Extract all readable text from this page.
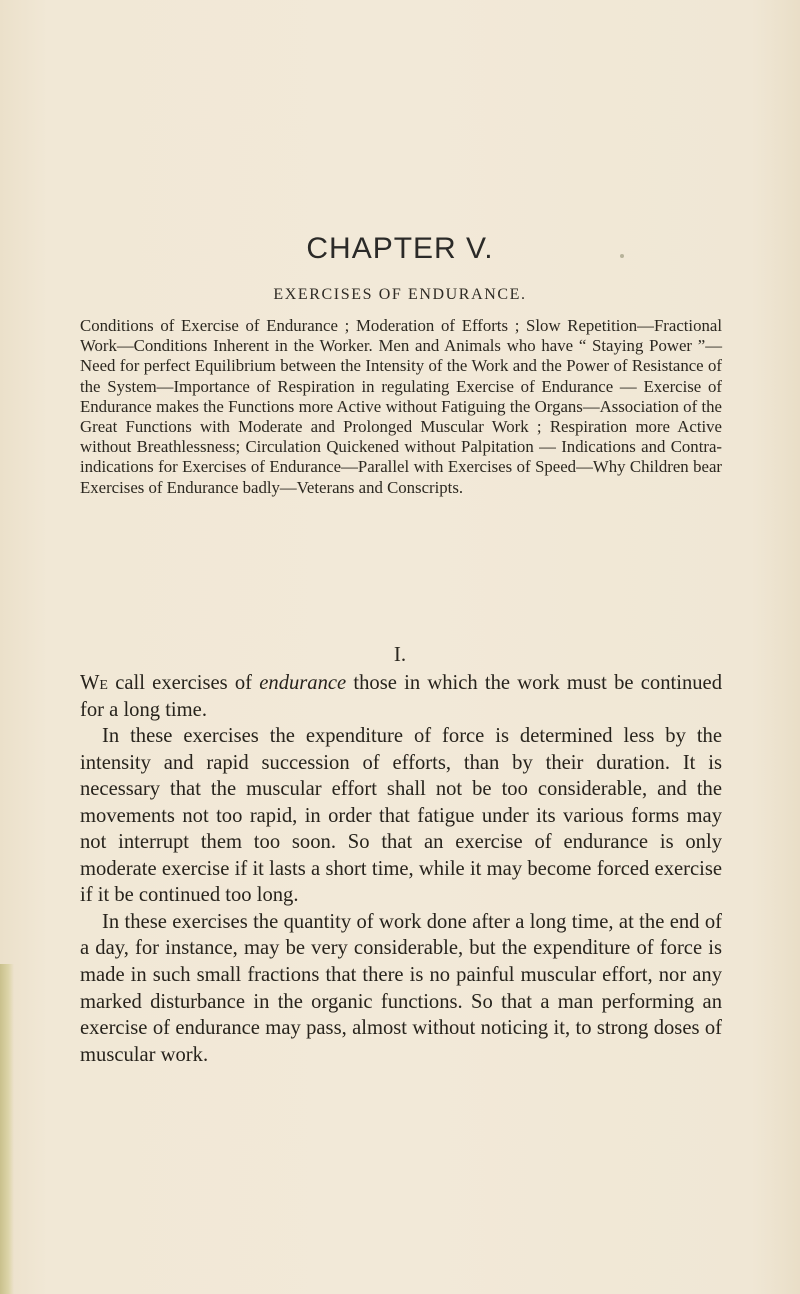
CHAPTER V.
EXERCISES OF ENDURANCE.
Conditions of Exercise of Endurance ; Moderation of Efforts ; Slow Repetition—Fractional Work—Conditions Inherent in the Worker. Men and Animals who have “ Staying Power ”—Need for perfect Equilibrium between the Intensity of the Work and the Power of Resistance of the System—Importance of Respiration in regulating Exercise of Endurance — Exercise of Endurance makes the Functions more Active without Fatiguing the Organs—Association of the Great Functions with Moderate and Prolonged Muscular Work ; Respiration more Active without Breathlessness; Circulation Quickened without Palpitation — Indications and Contra-indications for Exercises of Endurance—Parallel with Exercises of Speed—Why Children bear Exercises of Endurance badly—Veterans and Conscripts.
I.

We call exercises of endurance those in which the work must be continued for a long time.

In these exercises the expenditure of force is determined less by the intensity and rapid succession of efforts, than by their duration. It is necessary that the muscular effort shall not be too considerable, and the movements not too rapid, in order that fatigue under its various forms may not interrupt them too soon. So that an exercise of endurance is only moderate exercise if it lasts a short time, while it may become forced exercise if it be continued too long.

In these exercises the quantity of work done after a long time, at the end of a day, for instance, may be very considerable, but the expenditure of force is made in such small fractions that there is no painful muscular effort, nor any marked disturbance in the organic functions. So that a man performing an exercise of endurance may pass, almost without noticing it, to strong doses of muscular work.
